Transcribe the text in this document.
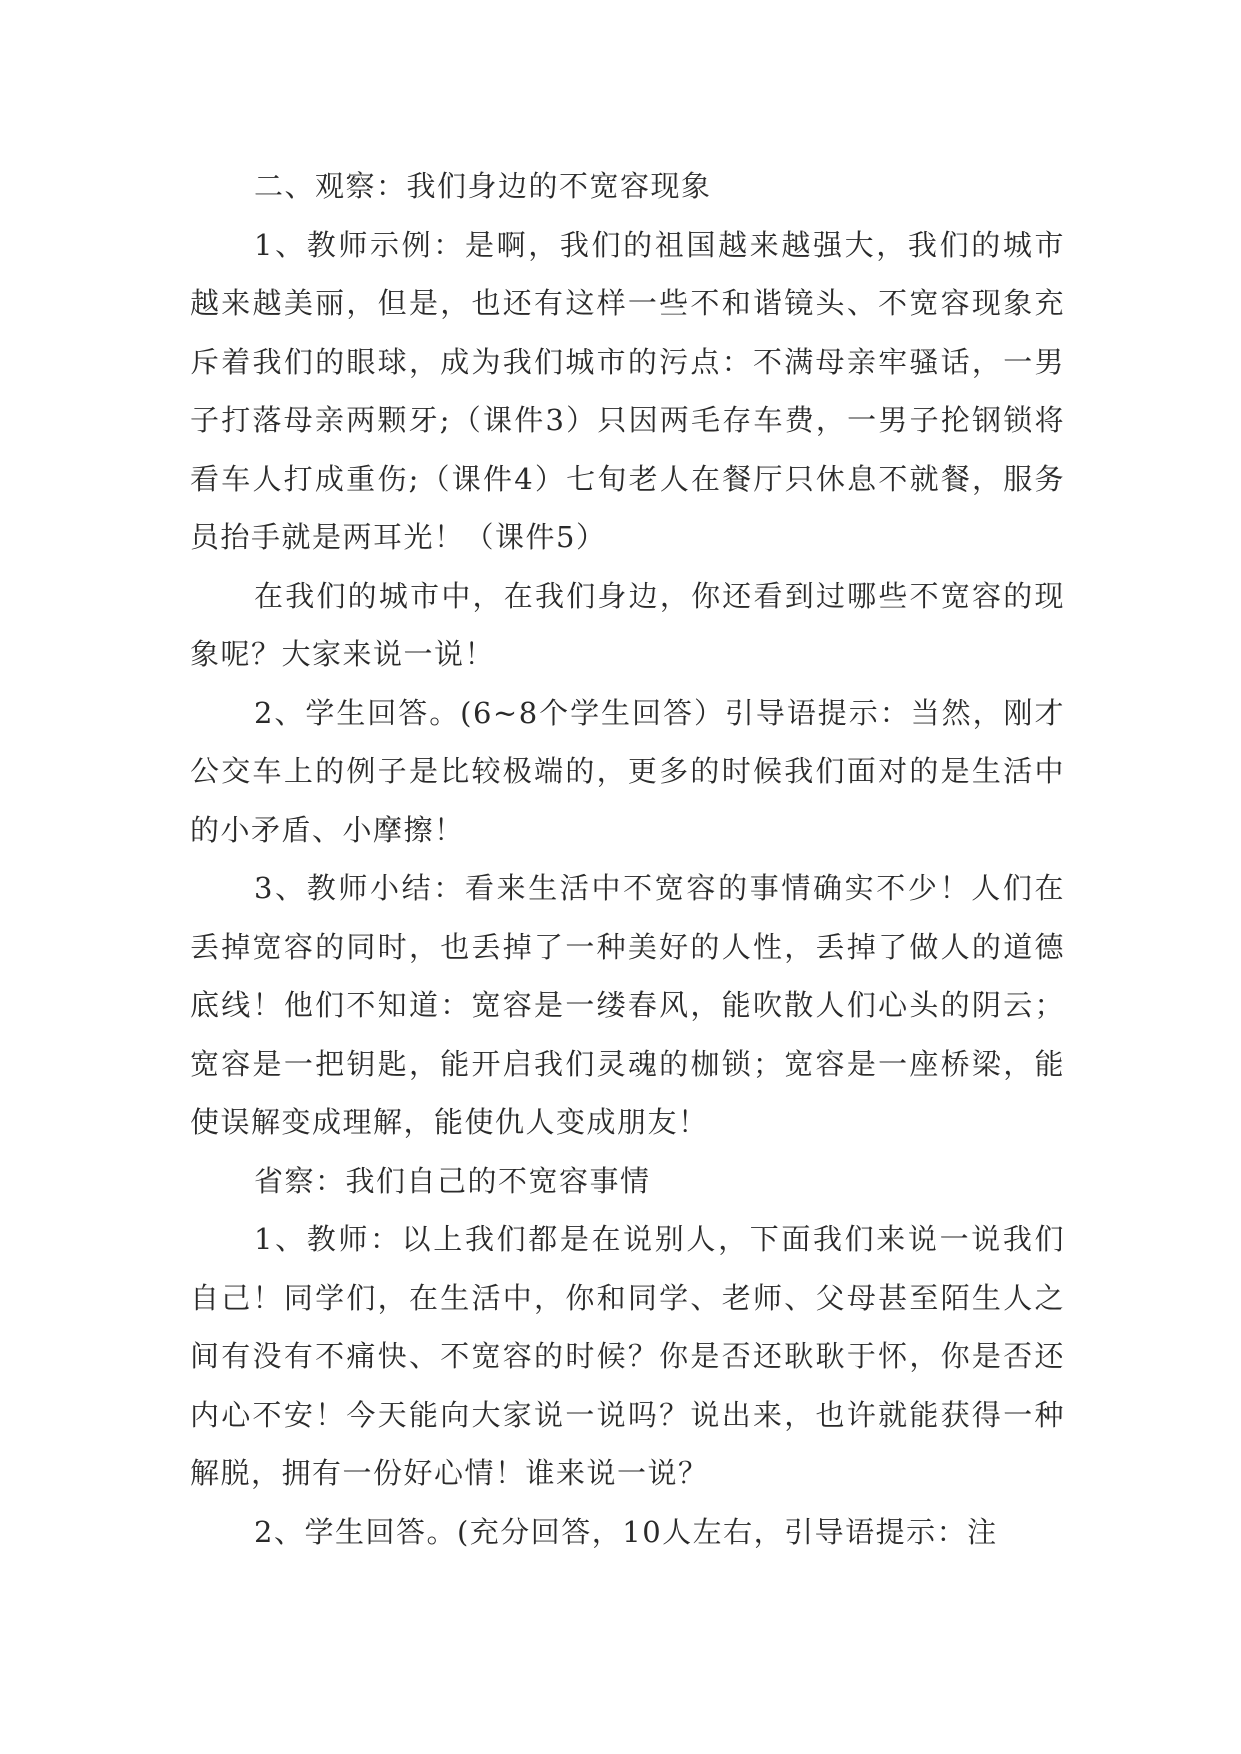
二、观察：我们身边的不宽容现象

1、教师示例：是啊，我们的祖国越来越强大，我们的城市越来越美丽，但是，也还有这样一些不和谐镜头、不宽容现象充斥着我们的眼球，成为我们城市的污点：不满母亲牢骚话，一男子打落母亲两颗牙;（课件3）只因两毛存车费，一男子抡钢锁将看车人打成重伤;（课件4）七旬老人在餐厅只休息不就餐，服务员抬手就是两耳光！（课件5）

在我们的城市中，在我们身边，你还看到过哪些不宽容的现象呢？大家来说一说！

2、学生回答。(6~8个学生回答）引导语提示：当然，刚才公交车上的例子是比较极端的，更多的时候我们面对的是生活中的小矛盾、小摩擦！

3、教师小结：看来生活中不宽容的事情确实不少！人们在丢掉宽容的同时，也丢掉了一种美好的人性，丢掉了做人的道德底线！他们不知道：宽容是一缕春风，能吹散人们心头的阴云；宽容是一把钥匙，能开启我们灵魂的枷锁；宽容是一座桥梁，能使误解变成理解，能使仇人变成朋友！

省察：我们自己的不宽容事情

1、教师：以上我们都是在说别人，下面我们来说一说我们自己！同学们，在生活中，你和同学、老师、父母甚至陌生人之间有没有不痛快、不宽容的时候？你是否还耿耿于怀，你是否还内心不安！今天能向大家说一说吗？说出来，也许就能获得一种解脱，拥有一份好心情！谁来说一说？

2、学生回答。(充分回答，10人左右，引导语提示：注
